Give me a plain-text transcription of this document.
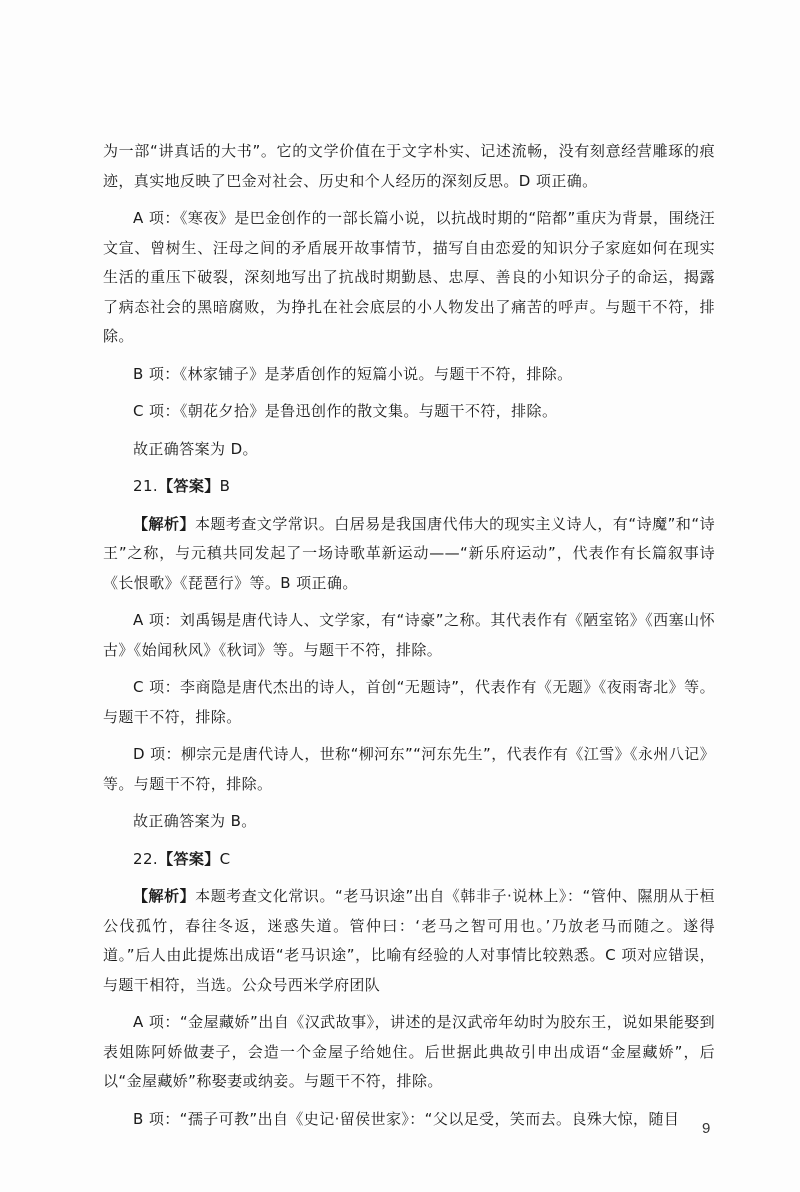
为一部“讲真话的大书”。它的文学价值在于文字朴实、记述流畅，没有刻意经营雕琢的痕迹，真实地反映了巴金对社会、历史和个人经历的深刻反思。D 项正确。

A 项：《寒夜》是巴金创作的一部长篇小说，以抗战时期的“陪都”重庆为背景，围绕汪文宣、曾树生、汪母之间的矛盾展开故事情节，描写自由恋爱的知识分子家庭如何在现实生活的重压下破裂，深刻地写出了抗战时期勤恳、忠厚、善良的小知识分子的命运，揭露了病态社会的黑暗腐败，为挣扎在社会底层的小人物发出了痛苦的呼声。与题干不符，排除。

B 项：《林家铺子》是茅盾创作的短篇小说。与题干不符，排除。

C 项：《朝花夕拾》是鲁迅创作的散文集。与题干不符，排除。

故正确答案为 D。

21.【答案】B

【解析】本题考查文学常识。白居易是我国唐代伟大的现实主义诗人，有“诗魔”和“诗王”之称，与元稹共同发起了一场诗歌革新运动——“新乐府运动”，代表作有长篇叙事诗《长恨歌》《琵琶行》等。B 项正确。

A 项：刘禹锡是唐代诗人、文学家，有“诗豪”之称。其代表作有《陋室铭》《西塞山怀古》《始闻秋风》《秋词》等。与题干不符，排除。

C 项：李商隐是唐代杰出的诗人，首创“无题诗”，代表作有《无题》《夜雨寄北》等。与题干不符，排除。

D 项：柳宗元是唐代诗人，世称“柳河东”“河东先生”，代表作有《江雪》《永州八记》等。与题干不符，排除。

故正确答案为 B。

22.【答案】C

【解析】本题考查文化常识。“老马识途”出自《韩非子·说林上》：“管仲、隰朋从于桓公伐孤竹，春往冬返，迷惑失道。管仲曰：‘老马之智可用也。’乃放老马而随之。遂得道。”后人由此提炼出成语“老马识途”，比喻有经验的人对事情比较熟悉。C 项对应错误，与题干相符，当选。公众号西米学府团队

A 项：“金屋藏娇”出自《汉武故事》，讲述的是汉武帝年幼时为胶东王，说如果能娶到表姐陈阿娇做妻子，会造一个金屋子给她住。后世据此典故引申出成语“金屋藏娇”，后以“金屋藏娇”称娶妻或纳妾。与题干不符，排除。

B 项：“孺子可教”出自《史记·留侯世家》：“父以足受，笑而去。良殊大惊，随目

9
